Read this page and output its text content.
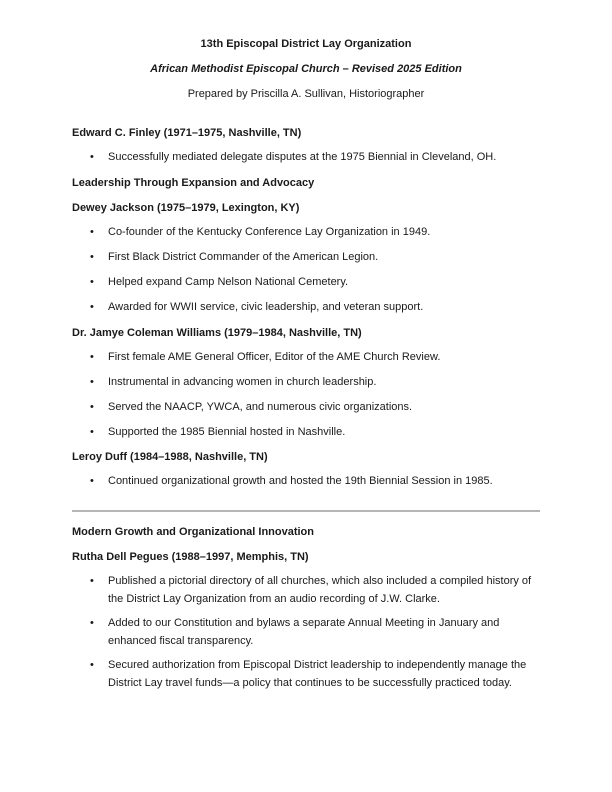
13th Episcopal District Lay Organization
African Methodist Episcopal Church – Revised 2025 Edition
Prepared by Priscilla A. Sullivan, Historiographer
Edward C. Finley (1971–1975, Nashville, TN)
•	Successfully mediated delegate disputes at the 1975 Biennial in Cleveland, OH.
Leadership Through Expansion and Advocacy
Dewey Jackson (1975–1979, Lexington, KY)
•	Co-founder of the Kentucky Conference Lay Organization in 1949.
•	First Black District Commander of the American Legion.
•	Helped expand Camp Nelson National Cemetery.
•	Awarded for WWII service, civic leadership, and veteran support.
Dr. Jamye Coleman Williams (1979–1984, Nashville, TN)
•	First female AME General Officer, Editor of the AME Church Review.
•	Instrumental in advancing women in church leadership.
•	Served the NAACP, YWCA, and numerous civic organizations.
•	Supported the 1985 Biennial hosted in Nashville.
Leroy Duff (1984–1988, Nashville, TN)
•	Continued organizational growth and hosted the 19th Biennial Session in 1985.
Modern Growth and Organizational Innovation
Rutha Dell Pegues (1988–1997, Memphis, TN)
•	Published a pictorial directory of all churches, which also included a compiled history of the District Lay Organization from an audio recording of J.W. Clarke.
•	Added to our Constitution and bylaws a separate Annual Meeting in January and enhanced fiscal transparency.
•	Secured authorization from Episcopal District leadership to independently manage the District Lay travel funds—a policy that continues to be successfully practiced today.
